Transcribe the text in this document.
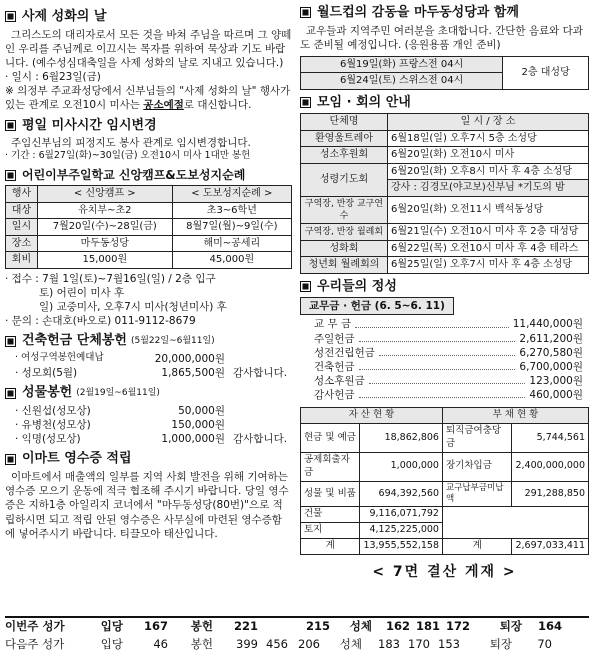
사제 성화의 날

그리스도의 대리자로서 모든 것을 바쳐 주님을 따르며 그 양떼인 우리를 주님께로 이끄시는 목자를 위하여 묵상과 기도 바랍니다. (예수성심대축일을 사제 성화의 날로 지내고 있습니다.)

· 일시 : 6월23일(금)

※ 의정부 주교좌성당에서 신부님들의 "사제 성화의 날" 행사가 있는 관계로 오전10시 미사는 공소예절로 대신합니다.

평일 미사시간 임시변경

주임신부님의 피정지도 봉사 관계로 임시변경합니다.

· 기간 : 6월27일(화)~30일(금) 오전10시 미사 1대만 봉헌

어린이부주일학교 신앙캠프&도보성지순례
행사	< 신앙캠프 >	< 도보성지순례 >
대상	유치부~초2	초3~6학년
일시	7월20일(수)~28일(금)	8월7일(월)~9일(수)
장소	마두동성당	해미~공세리
회비	15,000원	45,000원

· 접수 : 7월 1일(토)~7월16일(일) / 2층 입구

토) 어린이 미사 후

일) 교중미사, 오후7시 미사(청년미사) 후

· 문의 : 손대호(바오로) 011-9112-8679

건축헌금 단체봉헌 (5월22일~6월11일)
· 여성구역봉헌예대납	20,000,000원
· 성모회(5월)	1,865,500원 감사합니다.
성물봉헌 (2월19일~6월11일)
· 신원섭(성모상)	50,000원
· 유병천(성모상)	150,000원
· 익명(성모상)	1,000,000원 감사합니다.
이마트 영수증 적립

이마트에서 매출액의 일부를 지역 사회 발전을 위해 기여하는 영수증 모으기 운동에 적극 협조해 주시기 바랍니다. 당일 영수증은 지하1층 아일리지 코너에서 "마두동성당(80번)"으로 적립하시면 되고 적립 안된 영수증은 사무실에 마련된 영수증함에 넣어주시기 바랍니다. 티끌모아 태산입니다.

월드컵의 감동을 마두동성당과 함께

교우들과 지역주민 여러분을 초대합니다. 간단한 음료와 다과도 준비될 예정입니다. (응원용품 개인 준비)

6월19일(화) 프랑스전 04시	2층 대성당
6월24일(토) 스위스전 04시
모임 · 회의 안내
단체명	일 시 / 장 소
환영울트레아	6월18일(일) 오후7시 5층 소성당
성소후원회	6월20일(화) 오전10시 미사
성령기도회	6월20일(화) 오후8시 미사 후 4층 소성당
	강사 : 김경모(야고보)신부님 *기도의 밤
구역장, 반장 교구연수	6월20일(화) 오전11시 백석동성당
구역장, 반장 월례회	6월21일(수) 오전10시 미사 후 2층 대성당
성화회	6월22일(목) 오전10시 미사 후 4층 테라스
청년회 월례회의	6월25일(일) 오후7시 미사 후 4층 소성당
우리들의 정성
교무금 · 헌금 (6. 5~6. 11)
교 무 금	11,440,000원
주일헌금	2,611,200원
성전건립헌금	6,270,580원
건축헌금	6,700,000원
성소후원금	123,000원
감사헌금	460,000원
자 산 현 황		부 채 현 황	
현금 및 예금	18,862,806	퇴직금여충당금	5,744,561
공제회출자금	1,000,000	장기차입금	2,400,000,000
성물 및 비품	694,392,560	교구납부금미납액	291,288,850
건물	9,116,071,792		
토지	4,125,225,000		
계	13,955,552,158	계	2,697,033,411
< 7면 결산 게재 >
이번주 성가	입당	167	봉헌	221	215	성체	162 181 172	퇴장	164
다음주 성가	입당	46	봉헌	399 456 206	성체	183 170 153	퇴장	70
